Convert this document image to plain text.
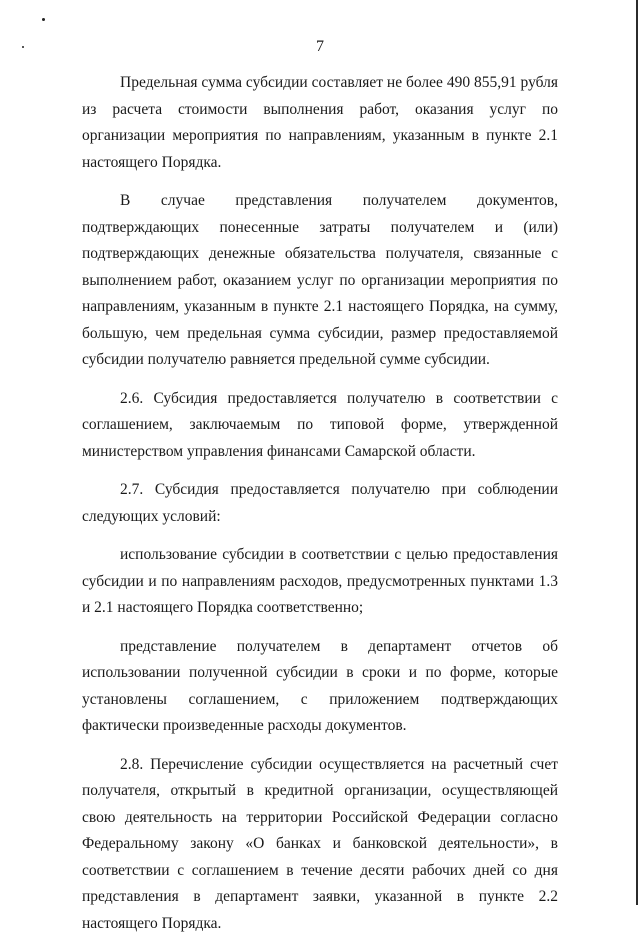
7

Предельная сумма субсидии составляет не более 490 855,91 рубля из расчета стоимости выполнения работ, оказания услуг по организации мероприятия по направлениям, указанным в пункте 2.1 настоящего Порядка.

В случае представления получателем документов, подтверждающих понесенные затраты получателем и (или) подтверждающих денежные обязательства получателя, связанные с выполнением работ, оказанием услуг по организации мероприятия по направлениям, указанным в пункте 2.1 настоящего Порядка, на сумму, большую, чем предельная сумма субсидии, размер предоставляемой субсидии получателю равняется предельной сумме субсидии.

2.6. Субсидия предоставляется получателю в соответствии с соглашением, заключаемым по типовой форме, утвержденной министерством управления финансами Самарской области.

2.7. Субсидия предоставляется получателю при соблюдении следующих условий:

использование субсидии в соответствии с целью предоставления субсидии и по направлениям расходов, предусмотренных пунктами 1.3 и 2.1 настоящего Порядка соответственно;

представление получателем в департамент отчетов об использовании полученной субсидии в сроки и по форме, которые установлены соглашением, с приложением подтверждающих фактически произведенные расходы документов.

2.8. Перечисление субсидии осуществляется на расчетный счет получателя, открытый в кредитной организации, осуществляющей свою деятельность на территории Российской Федерации согласно Федеральному закону «О банках и банковской деятельности», в соответствии с соглашением в течение десяти рабочих дней со дня представления в департамент заявки, указанной в пункте 2.2 настоящего Порядка.
